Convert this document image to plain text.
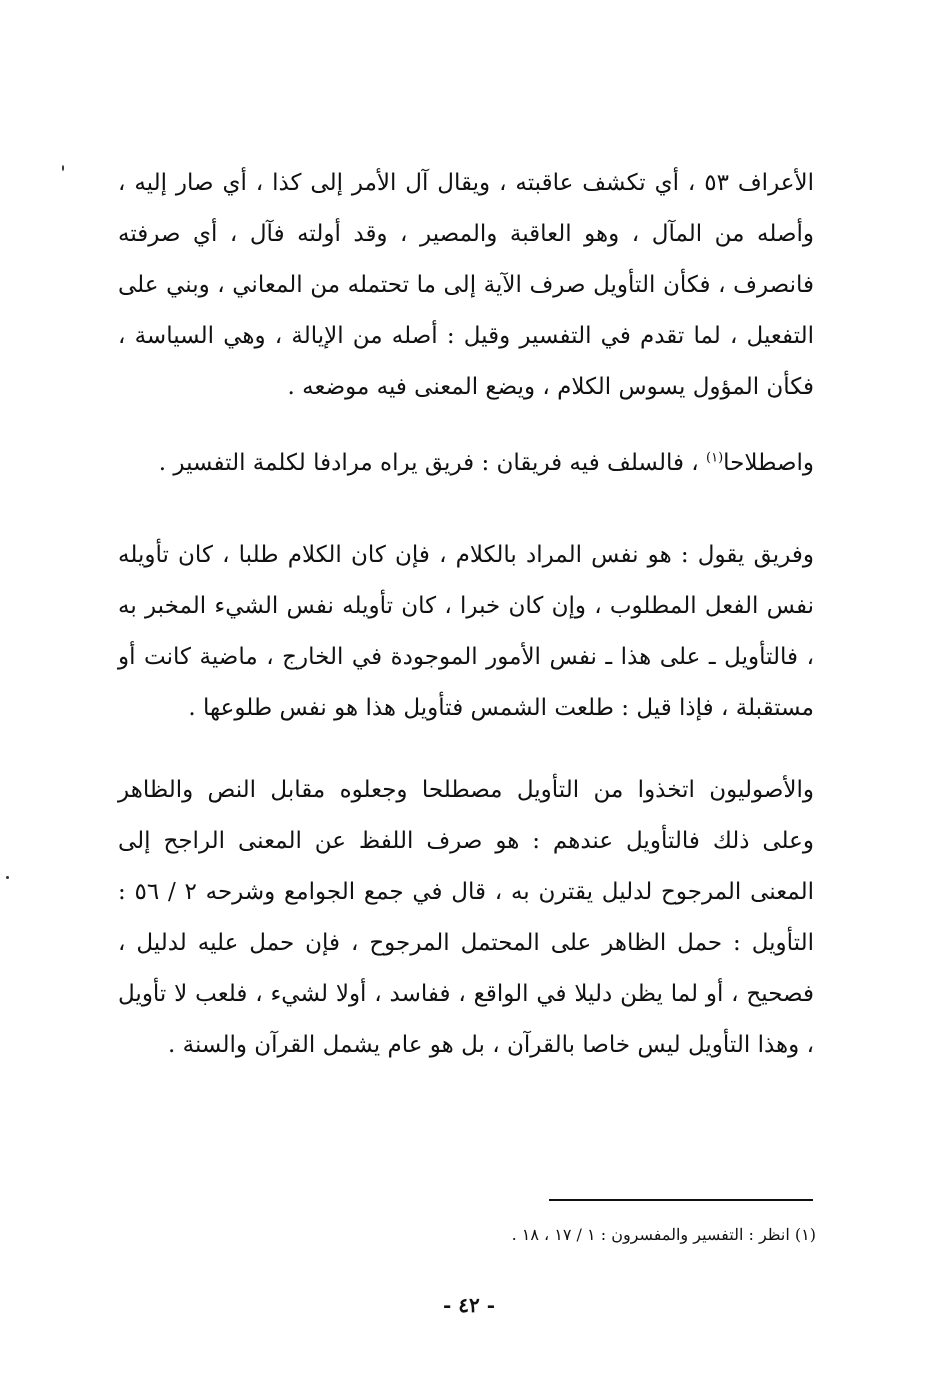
الأعراف ٥٣ ، أي تكشف عاقبته ، ويقال آل الأمر إلى كذا ، أي صار إليه ، وأصله من المآل ، وهو العاقبة والمصير ، وقد أولته فآل ، أي صرفته فانصرف ، فكأن التأويل صرف الآية إلى ما تحتمله من المعاني ، وبني على التفعيل ، لما تقدم في التفسير وقيل : أصله من الإيالة ، وهي السياسة ، فكأن المؤول يسوس الكلام ، ويضع المعنى فيه موضعه .

واصطلاحا$^{(١)}$ ، فالسلف فيه فريقان : فريق يراه مرادفا لكلمة التفسير .

وفريق يقول : هو نفس المراد بالكلام ، فإن كان الكلام طلبا ، كان تأويله نفس الفعل المطلوب ، وإن كان خبرا ، كان تأويله نفس الشيء المخبر به ، فالتأويل ـ على هذا ـ نفس الأمور الموجودة في الخارج ، ماضية كانت أو مستقبلة ، فإذا قيل : طلعت الشمس فتأويل هذا هو نفس طلوعها .

والأصوليون اتخذوا من التأويل مصطلحا وجعلوه مقابل النص والظاهر وعلى ذلك فالتأويل عندهم : هو صرف اللفظ عن المعنى الراجح إلى المعنى المرجوح لدليل يقترن به ، قال في جمع الجوامع وشرحه ٢ / ٥٦ : التأويل : حمل الظاهر على المحتمل المرجوح ، فإن حمل عليه لدليل ، فصحيح ، أو لما يظن دليلا في الواقع ، ففاسد ، أولا لشيء ، فلعب لا تأويل ، وهذا التأويل ليس خاصا بالقرآن ، بل هو عام يشمل القرآن والسنة .

(١) انظر : التفسير والمفسرون : ١ / ١٧ ، ١٨ .
- ٤٢ -
